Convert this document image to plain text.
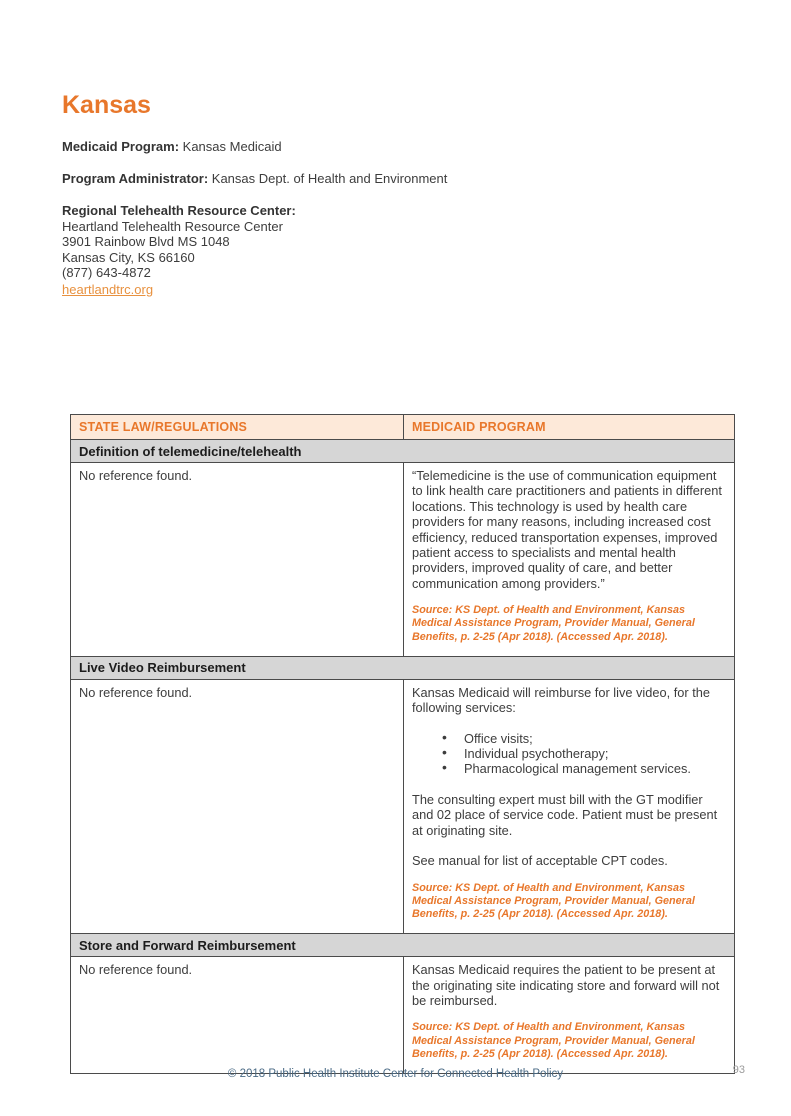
Kansas

Medicaid Program: Kansas Medicaid

Program Administrator: Kansas Dept. of Health and Environment

Regional Telehealth Resource Center:
Heartland Telehealth Resource Center
3901 Rainbow Blvd MS 1048
Kansas City, KS 66160
(877) 643-4872
heartlandtrc.org
STATE LAW/REGULATIONS	MEDICAID PROGRAM
Definition of telemedicine/telehealth	

No reference found.	“Telemedicine is the use of communication equipment to link health care practitioners and patients in different locations. This technology is used by health care providers for many reasons, including increased cost efficiency, reduced transportation expenses, improved patient access to specialists and mental health providers, improved quality of care, and better communication among providers.”

Source: KS Dept. of Health and Environment, Kansas Medical Assistance Program, Provider Manual, General Benefits, p. 2-25 (Apr 2018). (Accessed Apr. 2018).

Live Video Reimbursement	

No reference found.	Kansas Medicaid will reimburse for live video, for the following services:

• Office visits;
• Individual psychotherapy;
• Pharmacological management services.

The consulting expert must bill with the GT modifier and 02 place of service code. Patient must be present at originating site.

See manual for list of acceptable CPT codes.

Source: KS Dept. of Health and Environment, Kansas Medical Assistance Program, Provider Manual, General Benefits, p. 2-25 (Apr 2018). (Accessed Apr. 2018).

Store and Forward Reimbursement	

No reference found.	Kansas Medicaid requires the patient to be present at the originating site indicating store and forward will not be reimbursed.

Source: KS Dept. of Health and Environment, Kansas Medical Assistance Program, Provider Manual, General Benefits, p. 2-25 (Apr 2018). (Accessed Apr. 2018).

© 2018 Public Health Institute Center for Connected Health Policy	93
